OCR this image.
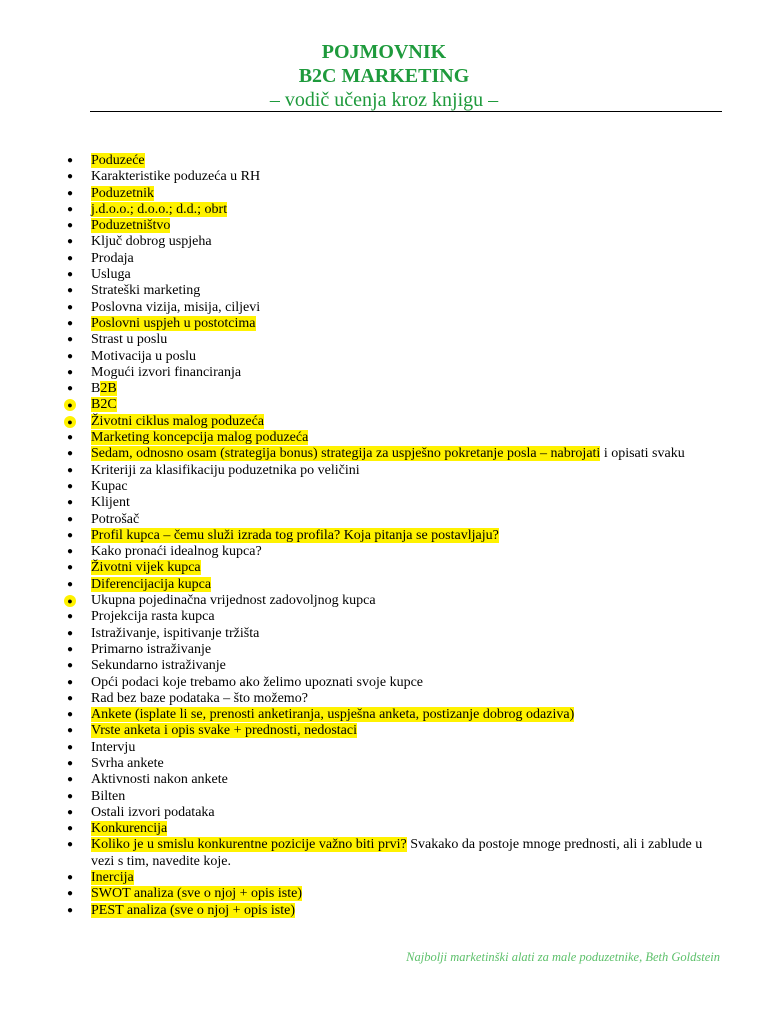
POJMOVNIK
B2C MARKETING
– vodič učenja kroz knjigu –
● Poduzeće
● Karakteristike poduzeća u RH
● Poduzetnik
● j.d.o.o.; d.o.o.; d.d.; obrt
● Poduzetništvo
● Ključ dobrog uspjeha
● Prodaja
● Usluga
● Strateški marketing
● Poslovna vizija, misija, ciljevi
● Poslovni uspjeh u postotcima
● Strast u poslu
● Motivacija u poslu
● Mogući izvori financiranja
● B2B
● B2C
● Životni ciklus malog poduzeća
● Marketing koncepcija malog poduzeća
● Sedam, odnosno osam (strategija bonus) strategija za uspješno pokretanje posla – nabrojati i opisati svaku
● Kriteriji za klasifikaciju poduzetnika po veličini
● Kupac
● Klijent
● Potrošač
● Profil kupca – čemu služi izrada tog profila? Koja pitanja se postavljaju?
● Kako pronaći idealnog kupca?
● Životni vijek kupca
● Diferencijacija kupca
● Ukupna pojedinačna vrijednost zadovoljnog kupca
● Projekcija rasta kupca
● Istraživanje, ispitivanje tržišta
● Primarno istraživanje
● Sekundarno istraživanje
● Opći podaci koje trebamo ako želimo upoznati svoje kupce
● Rad bez baze podataka – što možemo?
● Ankete (isplate li se, prenosti anketiranja, uspješna anketa, postizanje dobrog odaziva)
● Vrste anketa i opis svake + prednosti, nedostaci
● Intervju
● Svrha ankete
● Aktivnosti nakon ankete
● Bilten
● Ostali izvori podataka
● Konkurencija
● Koliko je u smislu konkurentne pozicije važno biti prvi? Svakako da postoje mnoge prednosti, ali i zablude u vezi s tim, navedite koje.
● Inercija
● SWOT analiza (sve o njoj + opis iste)
● PEST analiza (sve o njoj + opis iste)
Najbolji marketinški alati za male poduzetnike, Beth Goldstein
